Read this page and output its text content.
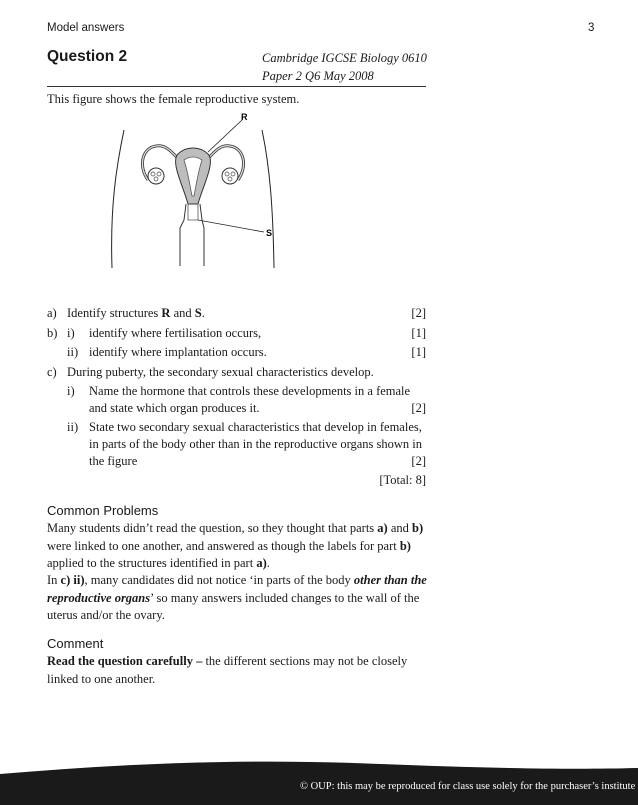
Model answers	3
Question 2	Cambridge IGCSE Biology 0610
Paper 2 Q6 May 2008
This figure shows the female reproductive system.
R
S
a) Identify structures R and S.	[2]
b) i) identify where fertilisation occurs,	[1]
ii) identify where implantation occurs.	[1]
c) During puberty, the secondary sexual characteristics develop.
i) Name the hormone that controls these developments in a female
and state which organ produces it.	[2]
ii) State two secondary sexual characteristics that develop in females,
in parts of the body other than in the reproductive organs shown in
the figure	[2]
[Total: 8]
Common Problems
Many students didn’t read the question, so they thought that parts a) and b) were linked to one another, and answered as though the labels for part b) applied to the structures identified in part a).
In c) ii), many candidates did not notice ‘in parts of the body other than the reproductive organs’ so many answers included changes to the wall of the uterus and/or the ovary.
Comment
Read the question carefully – the different sections may not be closely linked to one another.
© OUP: this may be reproduced for class use solely for the purchaser’s institute
